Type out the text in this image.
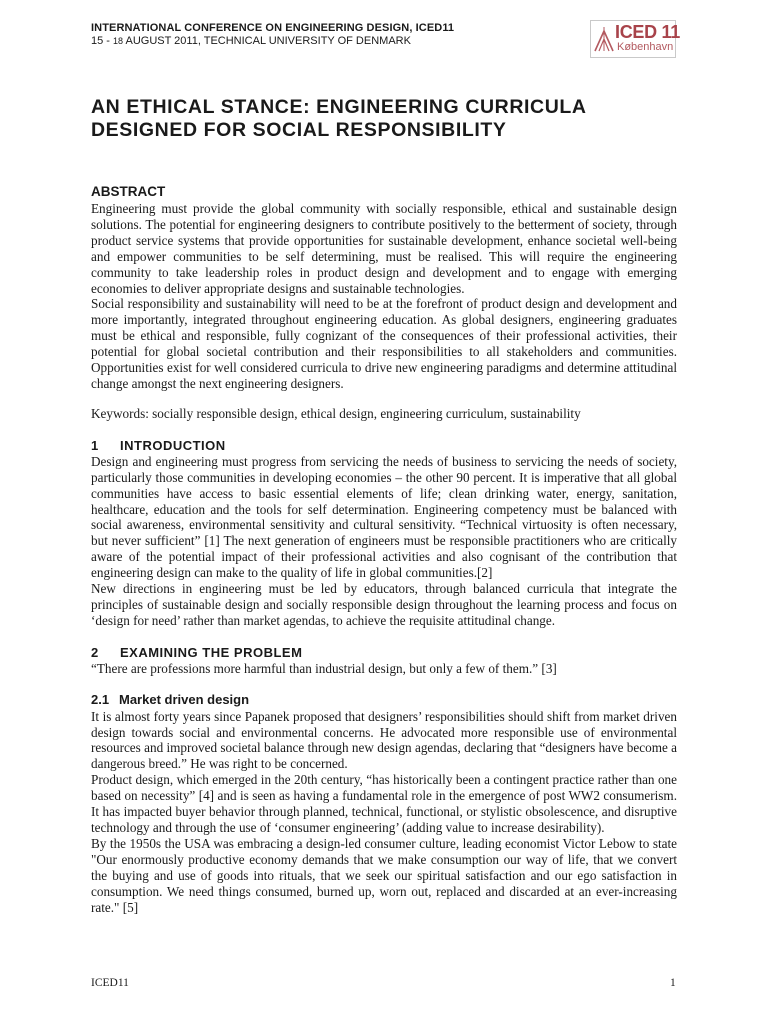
INTERNATIONAL CONFERENCE ON ENGINEERING DESIGN, ICED11

15 - 18 AUGUST 2011, TECHNICAL UNIVERSITY OF DENMARK	ICED 11
København
AN ETHICAL STANCE: ENGINEERING CURRICULA DESIGNED FOR SOCIAL RESPONSIBILITY
ABSTRACT

Engineering must provide the global community with socially responsible, ethical and sustainable design solutions. The potential for engineering designers to contribute positively to the betterment of society, through product service systems that provide opportunities for sustainable development, enhance societal well-being and empower communities to be self determining, must be realised. This will require the engineering community to take leadership roles in product design and development and to engage with emerging economies to deliver appropriate designs and sustainable technologies.

Social responsibility and sustainability will need to be at the forefront of product design and development and more importantly, integrated throughout engineering education. As global designers, engineering graduates must be ethical and responsible, fully cognizant of the consequences of their professional activities, their potential for global societal contribution and their responsibilities to all stakeholders and communities. Opportunities exist for well considered curricula to drive new engineering paradigms and determine attitudinal change amongst the next engineering designers.

Keywords: socially responsible design, ethical design, engineering curriculum, sustainability

1 INTRODUCTION

Design and engineering must progress from servicing the needs of business to servicing the needs of society, particularly those communities in developing economies – the other 90 percent. It is imperative that all global communities have access to basic essential elements of life; clean drinking water, energy, sanitation, healthcare, education and the tools for self determination. Engineering competency must be balanced with social awareness, environmental sensitivity and cultural sensitivity. “Technical virtuosity is often necessary, but never sufficient” [1] The next generation of engineers must be responsible practitioners who are critically aware of the potential impact of their professional activities and also cognisant of the contribution that engineering design can make to the quality of life in global communities.[2]

New directions in engineering must be led by educators, through balanced curricula that integrate the principles of sustainable design and socially responsible design throughout the learning process and focus on ‘design for need’ rather than market agendas, to achieve the requisite attitudinal change.

2 EXAMINING THE PROBLEM

“There are professions more harmful than industrial design, but only a few of them.” [3]

2.1 Market driven design

It is almost forty years since Papanek proposed that designers’ responsibilities should shift from market driven design towards social and environmental concerns. He advocated more responsible use of environmental resources and improved societal balance through new design agendas, declaring that “designers have become a dangerous breed.” He was right to be concerned.

Product design, which emerged in the 20th century, “has historically been a contingent practice rather than one based on necessity” [4] and is seen as having a fundamental role in the emergence of post WW2 consumerism. It has impacted buyer behavior through planned, technical, functional, or stylistic obsolescence, and disruptive technology and through the use of ‘consumer engineering’ (adding value to increase desirability).

By the 1950s the USA was embracing a design-led consumer culture, leading economist Victor Lebow to state "Our enormously productive economy demands that we make consumption our way of life, that we convert the buying and use of goods into rituals, that we seek our spiritual satisfaction and our ego satisfaction in consumption. We need things consumed, burned up, worn out, replaced and discarded at an ever-increasing rate." [5]

ICED11	1
